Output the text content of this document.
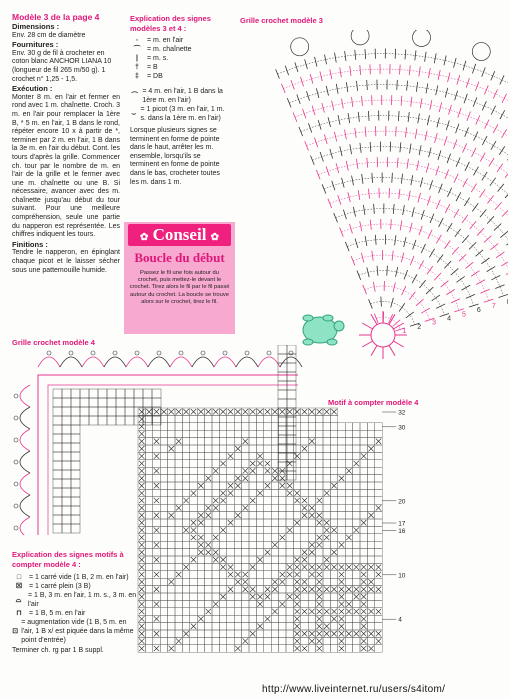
Modèle 3 de la page 4
Dimensions :
Env. 28 cm de diamètre
Fournitures :
Env. 30 g de fil à crocheter en coton blanc ANCHOR LIANA 10 (longueur de fil 265 m/50 g). 1 crochet n° 1,25 - 1,5.
Exécution :
Monter 8 m. en l'air et fermer en rond avec 1 m. chaînette. Croch. 3 m. en l'air pour remplacer la 1ère B, * 5 m. en l'air, 1 B dans le rond, répéter encore 10 x à partir de *, terminer par 2 m. en l'air, 1 B dans la 3e m. en l'air du début. Cont. les tours d'après la grille. Commencer ch. tour par le nombre de m. en l'air de la grille et le fermer avec une m. chaînette ou une B. Si nécessaire, avancer avec des m. chaînette jusqu'au début du tour suivant. Pour une meilleure compréhension, seule une partie du napperon est représentée. Les chiffres indiquent les tours.
Finitions :
Tendre le napperon, en épinglant chaque picot et le laisser sécher sous une pattemouille humide.
Explication des signes modèles 3 et 4 :
◦	= m. en l'air
⌒ = m. chaînette
|	= m. s.
†	= B
‡	= DB
⁀
= 4 m. en l'air, 1 B dans la 1ère m. en l'air)
⌣
= 1 picot (3 m. en l'air, 1 m. s. dans la 1ère m. en l'air)
Lorsque plusieurs signes se terminent en forme de pointe dans le haut, arrêter les m. ensemble, lorsqu'ils se terminent en forme de pointe dans le bas, crocheter toutes les m. dans 1 m.
✿ Conseil ✿
Boucle du début
Passez le fil une fois autour du crochet, puis mettez-le devant le crochet. Tirez alors le fil par le fil passé autour du crochet. La boucle se trouve alors sur le crochet, tirez le fil.
Grille crochet modèle 3
1
2
3
4
5
6
7
Grille crochet modèle 4
Motif à compter modèle 4
32
30
20
17
16
10
4
Explication des signes motifs à compter modèle 4 :
□	= 1 carré vide (1 B, 2 m. en l'air)
☒ = 1 carré plein (3 B)
⌓
= 1 B, 3 m. en l'air, 1 m. s., 3 m. en l'air
⊓	= 1 B, 5 m. en l'air
⊡
= augmentation vide (1 B, 5 m. en l'air, 1 B x/ est piquée dans la même point d'entrée)
Terminer ch. rg par 1 B suppl.
http://www.liveinternet.ru/users/s4itom/
